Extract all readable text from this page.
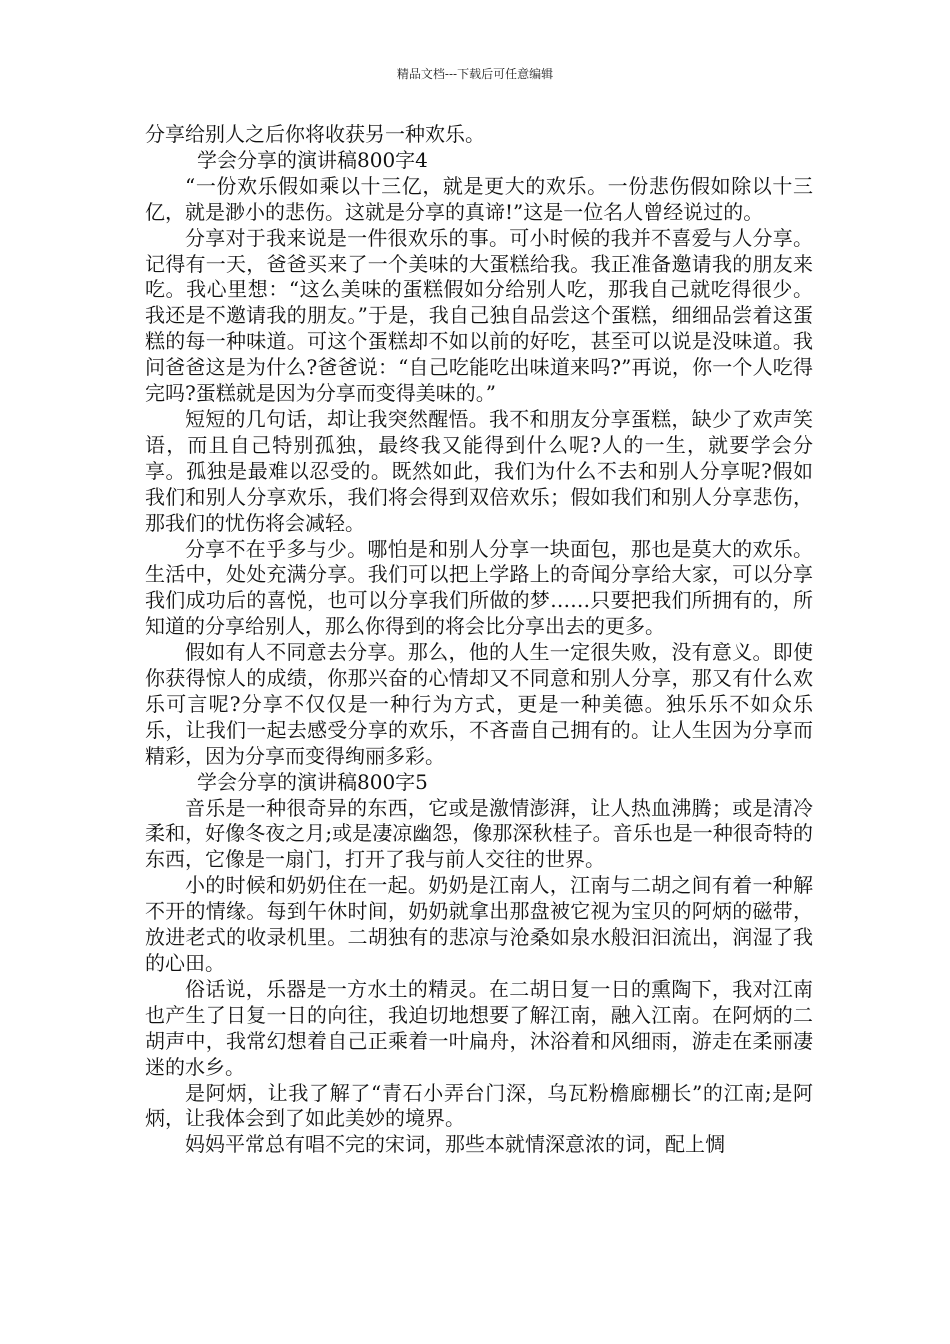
精品文档---下载后可任意编辑

分享给别人之后你将收获另一种欢乐。

学会分享的演讲稿800字4

“一份欢乐假如乘以十三亿，就是更大的欢乐。一份悲伤假如除以十三亿，就是渺小的悲伤。这就是分享的真谛!”这是一位名人曾经说过的。

分享对于我来说是一件很欢乐的事。可小时候的我并不喜爱与人分享。记得有一天，爸爸买来了一个美味的大蛋糕给我。我正准备邀请我的朋友来吃。我心里想：“这么美味的蛋糕假如分给别人吃，那我自己就吃得很少。我还是不邀请我的朋友。”于是，我自己独自品尝这个蛋糕，细细品尝着这蛋糕的每一种味道。可这个蛋糕却不如以前的好吃，甚至可以说是没味道。我问爸爸这是为什么?爸爸说：“自己吃能吃出味道来吗?”再说，你一个人吃得完吗?蛋糕就是因为分享而变得美味的。”

短短的几句话，却让我突然醒悟。我不和朋友分享蛋糕，缺少了欢声笑语，而且自己特别孤独，最终我又能得到什么呢?人的一生，就要学会分享。孤独是最难以忍受的。既然如此，我们为什么不去和别人分享呢?假如我们和别人分享欢乐，我们将会得到双倍欢乐；假如我们和别人分享悲伤，那我们的忧伤将会减轻。

分享不在乎多与少。哪怕是和别人分享一块面包，那也是莫大的欢乐。生活中，处处充满分享。我们可以把上学路上的奇闻分享给大家，可以分享我们成功后的喜悦，也可以分享我们所做的梦……只要把我们所拥有的，所知道的分享给别人，那么你得到的将会比分享出去的更多。

假如有人不同意去分享。那么，他的人生一定很失败，没有意义。即使你获得惊人的成绩，你那兴奋的心情却又不同意和别人分享，那又有什么欢乐可言呢?分享不仅仅是一种行为方式，更是一种美德。独乐乐不如众乐乐，让我们一起去感受分享的欢乐，不吝啬自己拥有的。让人生因为分享而精彩，因为分享而变得绚丽多彩。

学会分享的演讲稿800字5

音乐是一种很奇异的东西，它或是激情澎湃，让人热血沸腾；或是清冷柔和，好像冬夜之月;或是凄凉幽怨，像那深秋桂子。音乐也是一种很奇特的东西，它像是一扇门，打开了我与前人交往的世界。

小的时候和奶奶住在一起。奶奶是江南人，江南与二胡之间有着一种解不开的情缘。每到午休时间，奶奶就拿出那盘被它视为宝贝的阿炳的磁带，放进老式的收录机里。二胡独有的悲凉与沧桑如泉水般汩汩流出，润湿了我的心田。

俗话说，乐器是一方水土的精灵。在二胡日复一日的熏陶下，我对江南也产生了日复一日的向往，我迫切地想要了解江南，融入江南。在阿炳的二胡声中，我常幻想着自己正乘着一叶扁舟，沐浴着和风细雨，游走在柔丽凄迷的水乡。

是阿炳，让我了解了“青石小弄台门深，乌瓦粉檐廊棚长”的江南;是阿炳，让我体会到了如此美妙的境界。

妈妈平常总有唱不完的宋词，那些本就情深意浓的词，配上惆
